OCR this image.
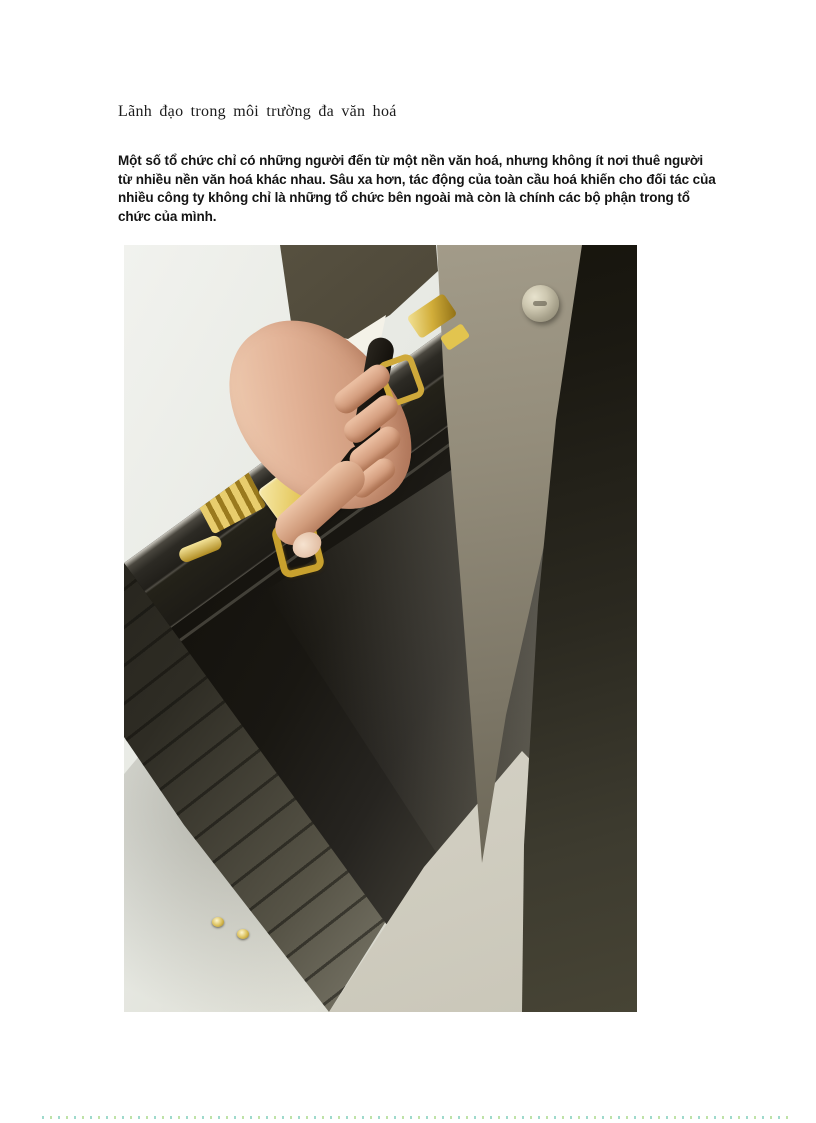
Lãnh đạo trong môi trường đa văn hoá

Một số tổ chức chỉ có những người đến từ một nền văn hoá, nhưng không ít nơi thuê người từ nhiều nền văn hoá khác nhau. Sâu xa hơn, tác động của toàn cầu hoá khiến cho đối tác của nhiều công ty không chỉ là những tổ chức bên ngoài mà còn là chính các bộ phận trong tổ chức của mình.
